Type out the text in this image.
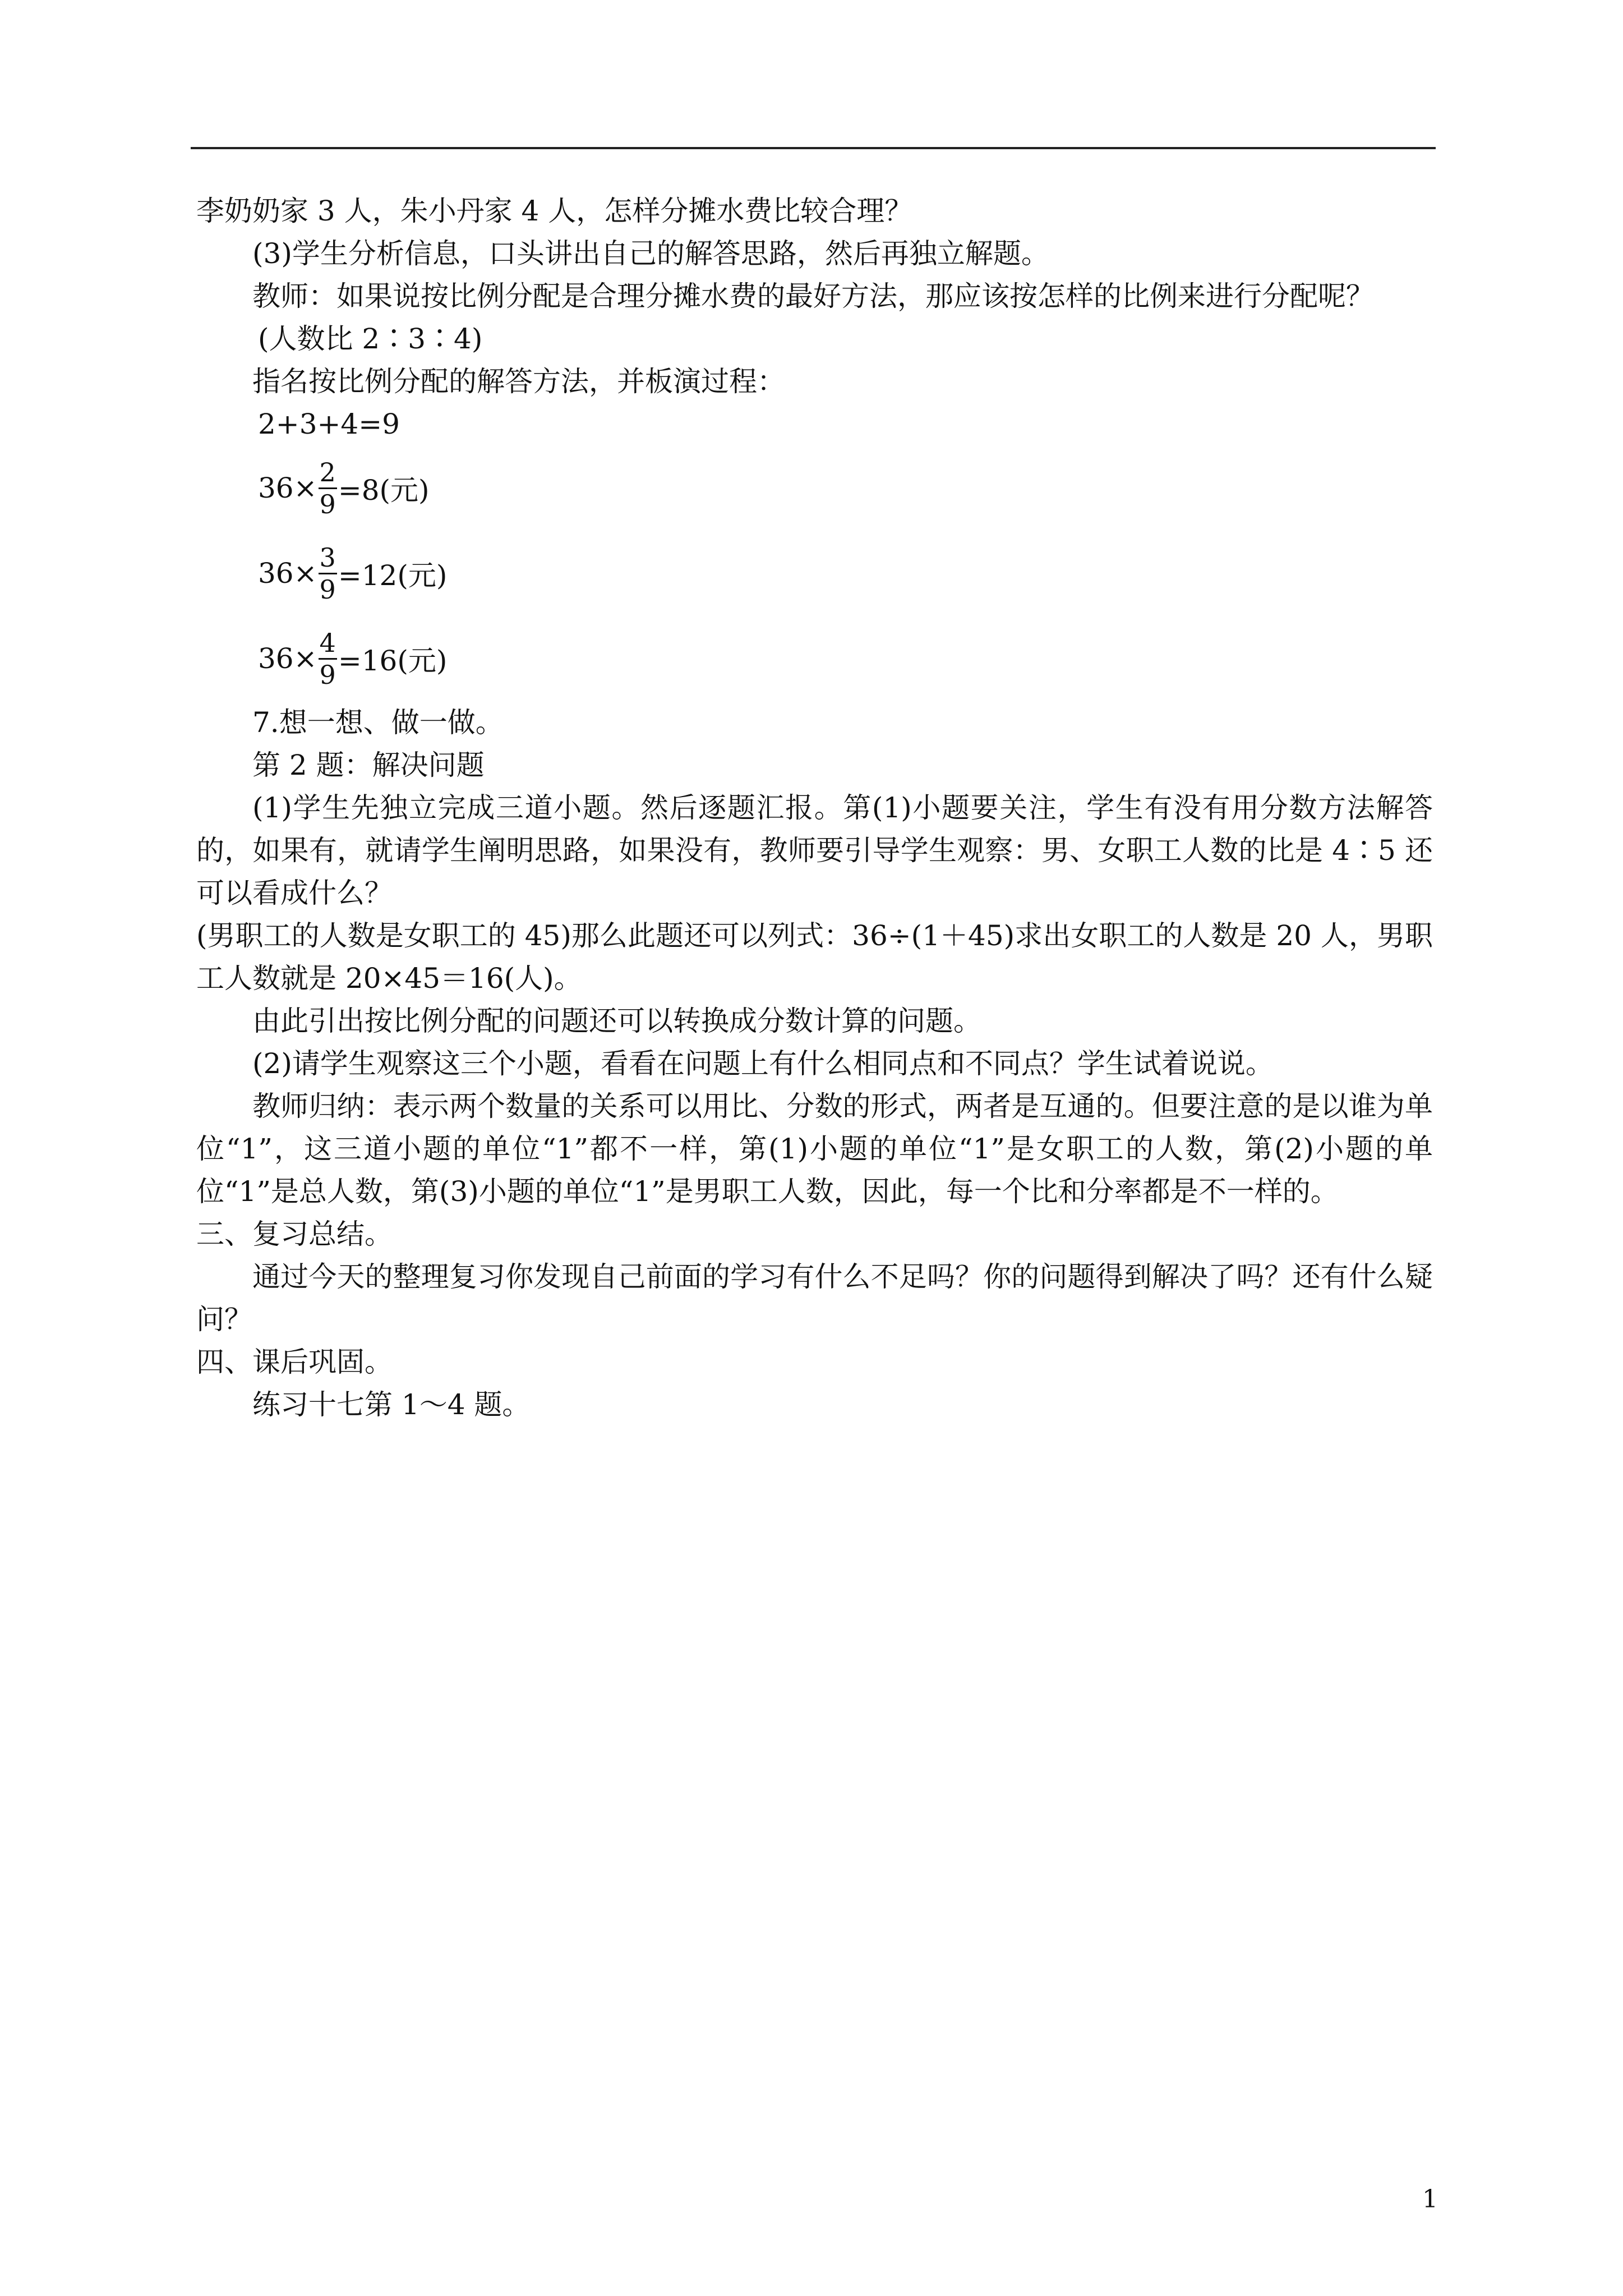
李奶奶家 3 人，朱小丹家 4 人，怎样分摊水费比较合理？

(3)学生分析信息，口头讲出自己的解答思路，然后再独立解题。

教师：如果说按比例分配是合理分摊水费的最好方法，那应该按怎样的比例来进行分配呢？

(人数比 2∶3∶4)

指名按比例分配的解答方法，并板演过程：

2+3+4=9

$36\times \frac{2}{9} =8$(元)
$36\times \frac{3}{9} =12$(元)
$36\times \frac{4}{9} =16$(元)

7.想一想、做一做。

第 2 题：解决问题

(1)学生先独立完成三道小题。然后逐题汇报。第(1)小题要关注，学生有没有用分数方法解答的，如果有，就请学生阐明思路，如果没有，教师要引导学生观察：男、女职工人数的比是 4∶5 还可以看成什么？

(男职工的人数是女职工的 45)那么此题还可以列式：36÷(1＋45)求出女职工的人数是 20 人，男职工人数就是 20×45＝16(人)。

由此引出按比例分配的问题还可以转换成分数计算的问题。

(2)请学生观察这三个小题，看看在问题上有什么相同点和不同点？学生试着说说。

教师归纳：表示两个数量的关系可以用比、分数的形式，两者是互通的。但要注意的是以谁为单位“1”，这三道小题的单位“1”都不一样，第(1)小题的单位“1”是女职工的人数，第(2)小题的单位“1”是总人数，第(3)小题的单位“1”是男职工人数，因此，每一个比和分率都是不一样的。

三、复习总结。

通过今天的整理复习你发现自己前面的学习有什么不足吗？你的问题得到解决了吗？还有什么疑问？

四、课后巩固。

练习十七第 1～4 题。

1
